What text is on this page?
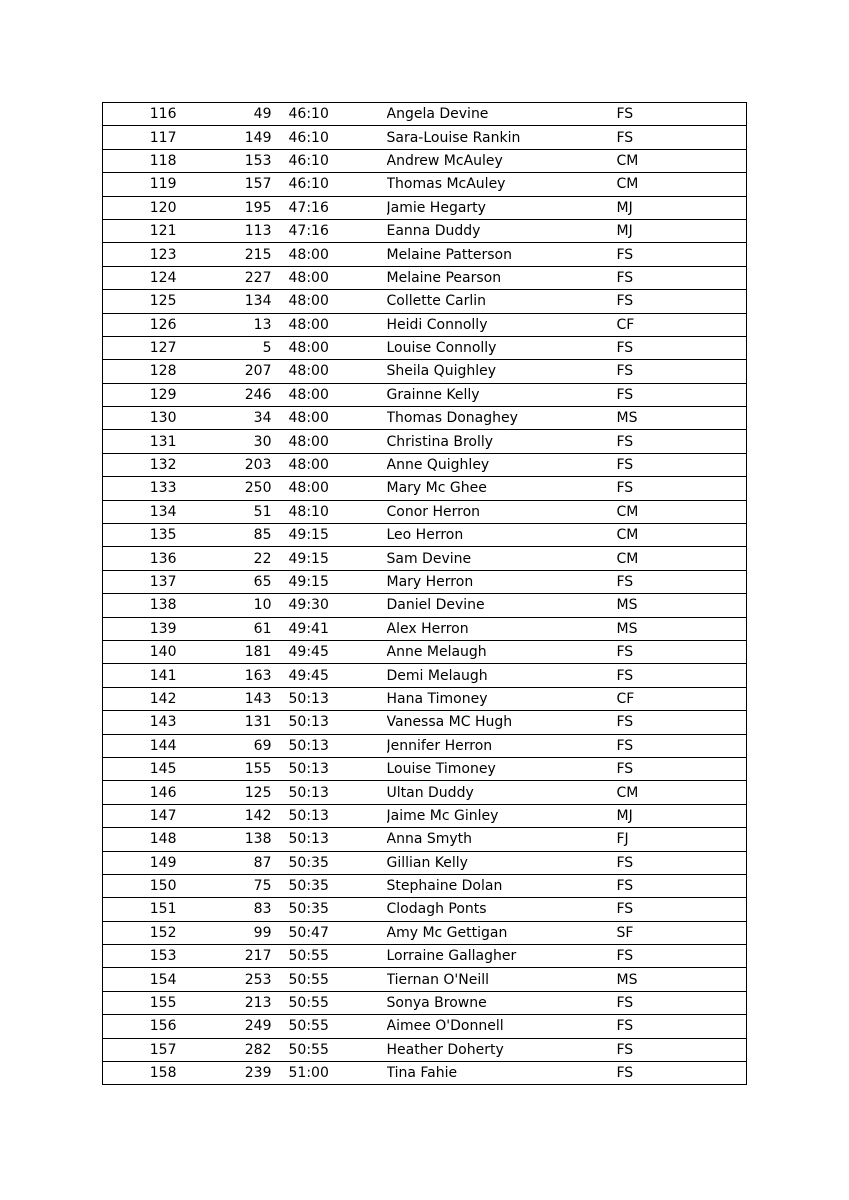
116	49	46:10	Angela Devine	FS
117	149	46:10	Sara-Louise Rankin	FS
118	153	46:10	Andrew McAuley	CM
119	157	46:10	Thomas McAuley	CM
120	195	47:16	Jamie Hegarty	MJ
121	113	47:16	Eanna Duddy	MJ
123	215	48:00	Melaine Patterson	FS
124	227	48:00	Melaine Pearson	FS
125	134	48:00	Collette Carlin	FS
126	13	48:00	Heidi Connolly	CF
127	5	48:00	Louise Connolly	FS
128	207	48:00	Sheila Quighley	FS
129	246	48:00	Grainne Kelly	FS
130	34	48:00	Thomas Donaghey	MS
131	30	48:00	Christina Brolly	FS
132	203	48:00	Anne Quighley	FS
133	250	48:00	Mary Mc Ghee	FS
134	51	48:10	Conor Herron	CM
135	85	49:15	Leo Herron	CM
136	22	49:15	Sam Devine	CM
137	65	49:15	Mary Herron	FS
138	10	49:30	Daniel Devine	MS
139	61	49:41	Alex Herron	MS
140	181	49:45	Anne Melaugh	FS
141	163	49:45	Demi Melaugh	FS
142	143	50:13	Hana Timoney	CF
143	131	50:13	Vanessa MC Hugh	FS
144	69	50:13	Jennifer Herron	FS
145	155	50:13	Louise Timoney	FS
146	125	50:13	Ultan Duddy	CM
147	142	50:13	Jaime Mc Ginley	MJ
148	138	50:13	Anna Smyth	FJ
149	87	50:35	Gillian Kelly	FS
150	75	50:35	Stephaine Dolan	FS
151	83	50:35	Clodagh Ponts	FS
152	99	50:47	Amy Mc Gettigan	SF
153	217	50:55	Lorraine Gallagher	FS
154	253	50:55	Tiernan O'Neill	MS
155	213	50:55	Sonya Browne	FS
156	249	50:55	Aimee O'Donnell	FS
157	282	50:55	Heather Doherty	FS
158	239	51:00	Tina Fahie	FS
